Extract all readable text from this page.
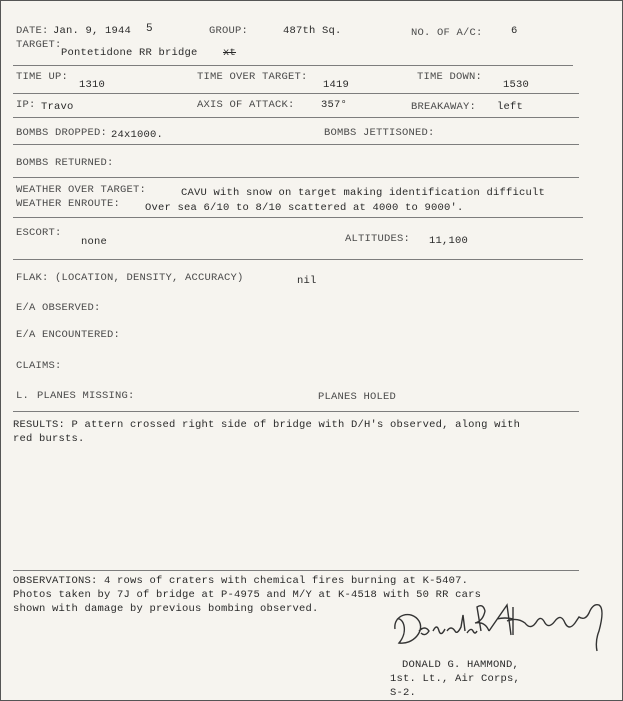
DATE: Jan. 9, 1944 5	GROUP:	487th Sq.	NO. OF A/C:	6
TARGET:
Pontetidone RR bridge xt
TIME UP:
1310
TIME OVER TARGET:
1419
TIME DOWN:
1530
IP: Travo	AXIS OF ATTACK:	357°	BREAKAWAY: left
BOMBS DROPPED: 24x1000.	BOMBS JETTISONED:
BOMBS RETURNED:
WEATHER OVER TARGET:	CAVU with snow on target making identification difficult
WEATHER ENROUTE: Over sea 6/10 to 8/10 scattered at 4000 to 9000'.
ESCORT:
none	ALTITUDES: 11,100
FLAK: (LOCATION, DENSITY, ACCURACY)	nil
E/A OBSERVED:
E/A ENCOUNTERED:
CLAIMS:
L. PLANES MISSING:	PLANES HOLED
RESULTS: P attern crossed right side of bridge with D/H's observed, along with
red bursts.
OBSERVATIONS: 4 rows of craters with chemical fires burning at K-5407.
Photos taken by 7J of bridge at P-4975 and M/Y at K-4518 with 50 RR cars
shown with damage by previous bombing observed.
DONALD G. HAMMOND,
1st. Lt., Air Corps,
S-2.
